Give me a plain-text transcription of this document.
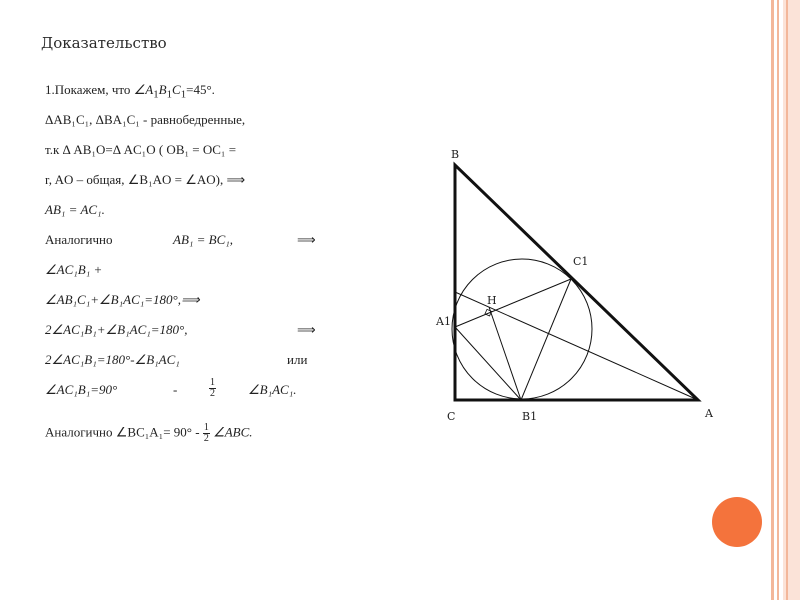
Доказательство
1.Покажем, что $\angle A_1B_1C_1=45^\circ$.
ΔAB₁C₁, ΔBA₁C₁ - равнобедренные,
т.к Δ AB₁O=Δ AC₁O ( OB₁ = OC₁ =
r, AO – общая, ∠B₁AO = ∠AO), ⟹
AB₁ = AC₁.
Аналогично	AB₁ = BC₁,	⟹
∠AC₁B₁ +
∠AB₁C₁+∠B₁AC₁=180°,⟹
2∠AC₁B₁+∠B₁AC₁=180°,	⟹
2∠AC₁B₁=180°-∠B₁AC₁	или
∠AC₁B₁=90°	-	$\frac{1}{2}$ ∠B₁AC₁.
Аналогично ∠BC₁A₁= $90^\circ - \frac{1}{2}$ ∠ABC.
B
C1
H
A1
C	B1	A
